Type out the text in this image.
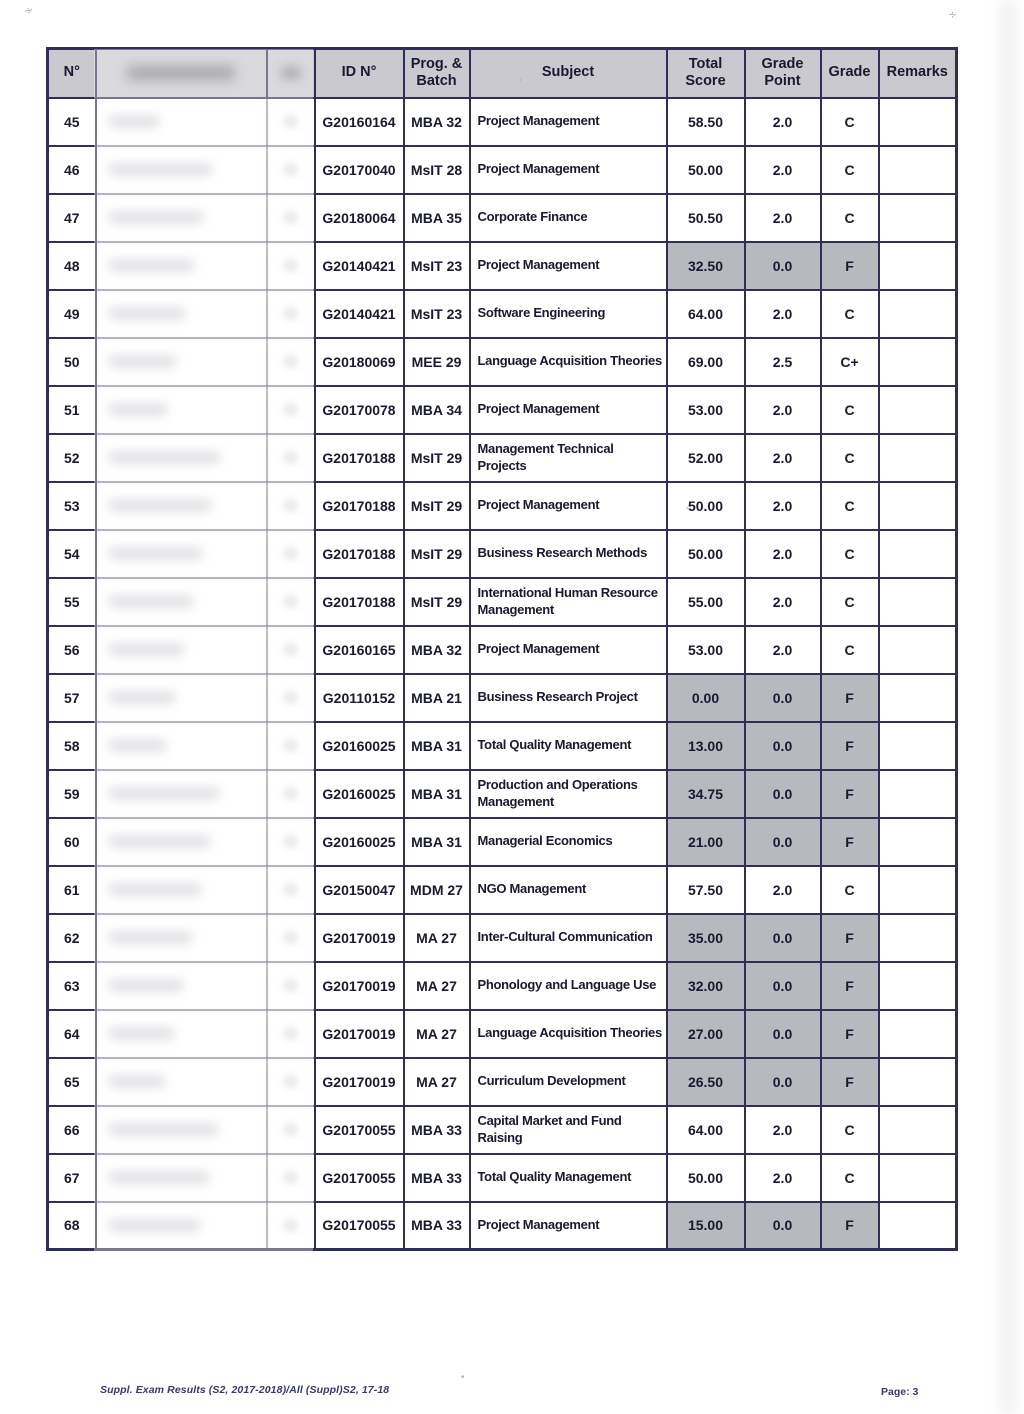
N°			ID N°	Prog. & Batch	Subject	Total Score	Grade Point	Grade	Remarks
45			G20160164	MBA 32	Project Management	58.50	2.0	C	
46			G20170040	MsIT 28	Project Management	50.00	2.0	C	
47			G20180064	MBA 35	Corporate Finance	50.50	2.0	C	
48			G20140421	MsIT 23	Project Management	32.50	0.0	F	
49			G20140421	MsIT 23	Software Engineering	64.00	2.0	C	
50			G20180069	MEE 29	Language Acquisition Theories	69.00	2.5	C+	
51			G20170078	MBA 34	Project Management	53.00	2.0	C	
52			G20170188	MsIT 29	Management Technical Projects	52.00	2.0	C	
53			G20170188	MsIT 29	Project Management	50.00	2.0	C	
54			G20170188	MsIT 29	Business Research Methods	50.00	2.0	C	
55			G20170188	MsIT 29	International Human Resource Management	55.00	2.0	C	
56			G20160165	MBA 32	Project Management	53.00	2.0	C	
57			G20110152	MBA 21	Business Research Project	0.00	0.0	F	
58			G20160025	MBA 31	Total Quality Management	13.00	0.0	F	
59			G20160025	MBA 31	Production and Operations Management	34.75	0.0	F	
60			G20160025	MBA 31	Managerial Economics	21.00	0.0	F	
61			G20150047	MDM 27	NGO Management	57.50	2.0	C	
62			G20170019	MA 27	Inter-Cultural Communication	35.00	0.0	F	
63			G20170019	MA 27	Phonology and Language Use	32.00	0.0	F	
64			G20170019	MA 27	Language Acquisition Theories	27.00	0.0	F	
65			G20170019	MA 27	Curriculum Development	26.50	0.0	F	
66			G20170055	MBA 33	Capital Market and Fund Raising	64.00	2.0	C	
67			G20170055	MBA 33	Total Quality Management	50.00	2.0	C	
68			G20170055	MBA 33	Project Management	15.00	0.0	F	
Suppl. Exam Results (S2, 2017-2018)/All (Suppl)S2, 17-18	Page: 3
∻	∻
‚
’
•
’
